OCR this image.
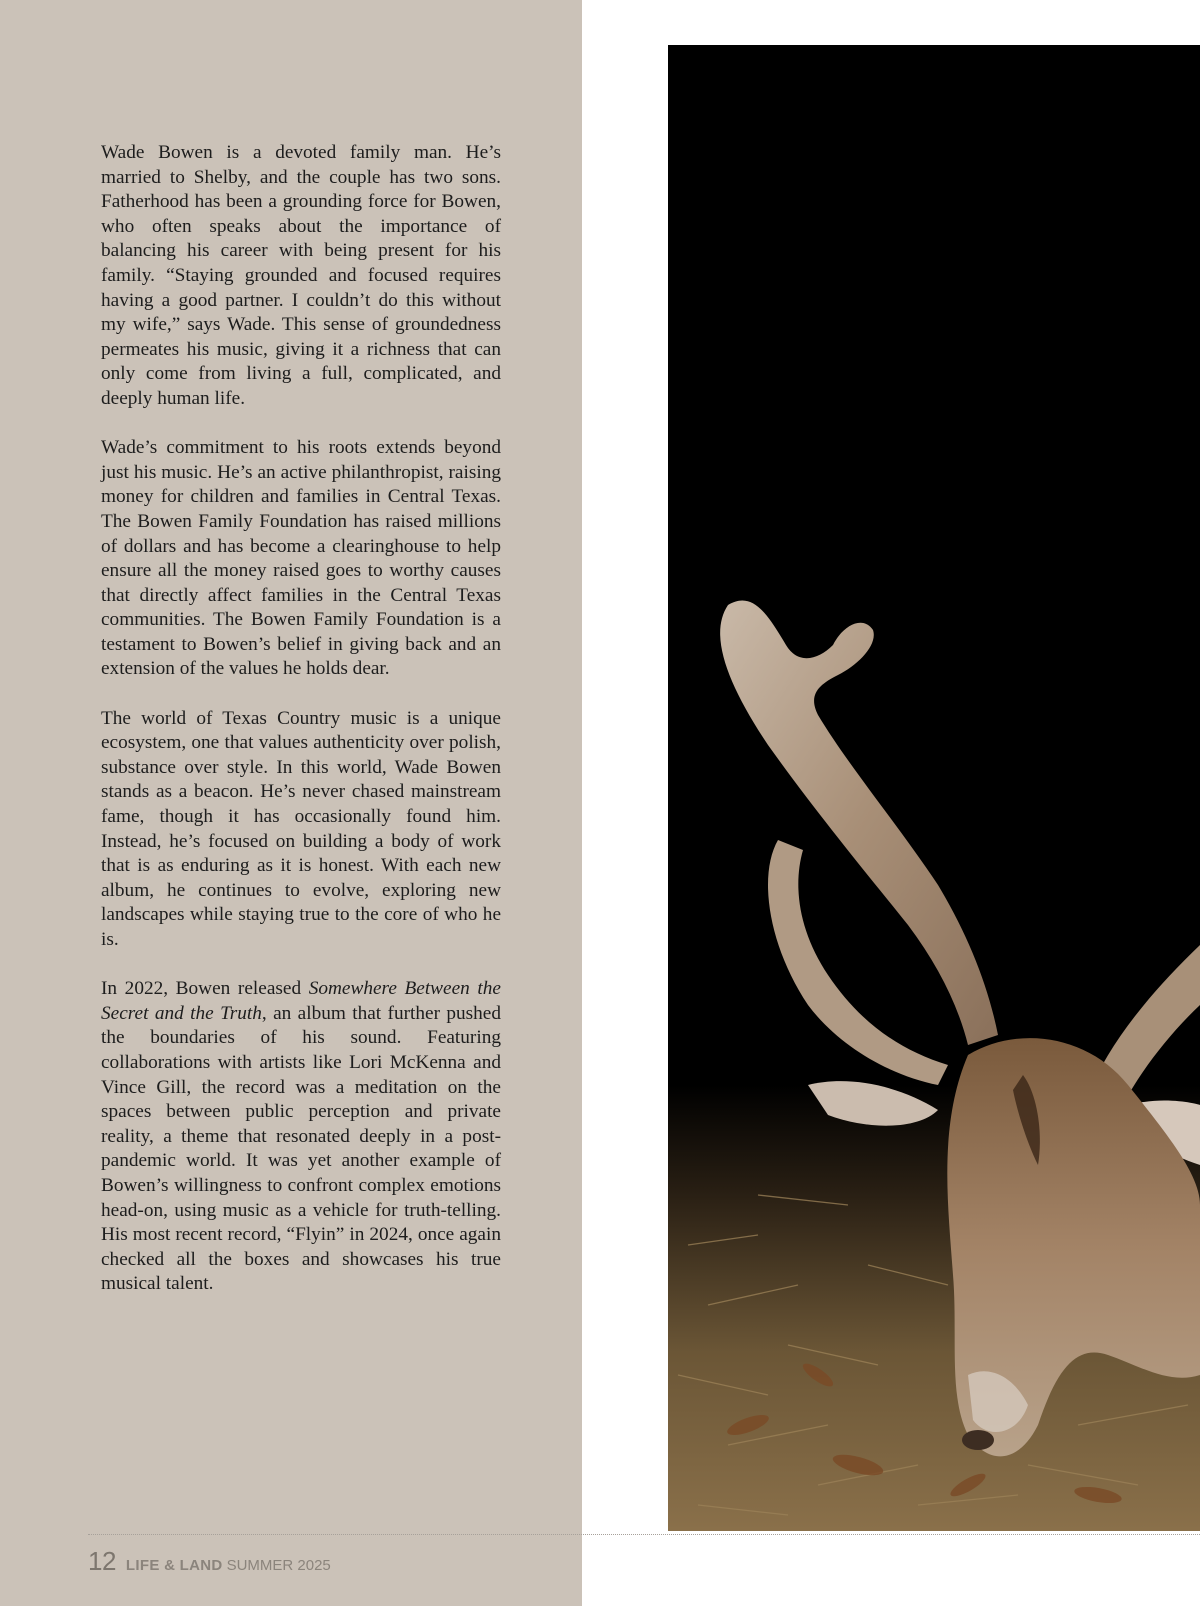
Wade Bowen is a devoted family man. He’s married to Shelby, and the couple has two sons. Fatherhood has been a grounding force for Bowen, who often speaks about the importance of balancing his career with being present for his family. “Staying grounded and focused requires having a good partner. I couldn’t do this without my wife,” says Wade. This sense of groundedness permeates his music, giving it a richness that can only come from living a full, complicated, and deeply human life.

Wade’s commitment to his roots extends beyond just his music. He’s an active philanthropist, raising money for children and families in Central Texas. The Bowen Family Foundation has raised millions of dollars and has become a clearinghouse to help ensure all the money raised goes to worthy causes that directly affect families in the Central Texas communities. The Bowen Family Foundation is a testament to Bowen’s belief in giving back and an extension of the values he holds dear.

The world of Texas Country music is a unique ecosystem, one that values authenticity over polish, substance over style. In this world, Wade Bowen stands as a beacon. He’s never chased mainstream fame, though it has occasionally found him. Instead, he’s focused on building a body of work that is as enduring as it is honest. With each new album, he continues to evolve, exploring new landscapes while staying true to the core of who he is.

In 2022, Bowen released Somewhere Between the Secret and the Truth, an album that further pushed the boundaries of his sound. Featuring collaborations with artists like Lori McKenna and Vince Gill, the record was a meditation on the spaces between public perception and private reality, a theme that resonated deeply in a post-pandemic world. It was yet another example of Bowen’s willingness to confront complex emotions head-on, using music as a vehicle for truth-telling. His most recent record, “Flyin” in 2024, once again checked all the boxes and showcases his true musical talent.

12 LIFE & LAND SUMMER 2025
